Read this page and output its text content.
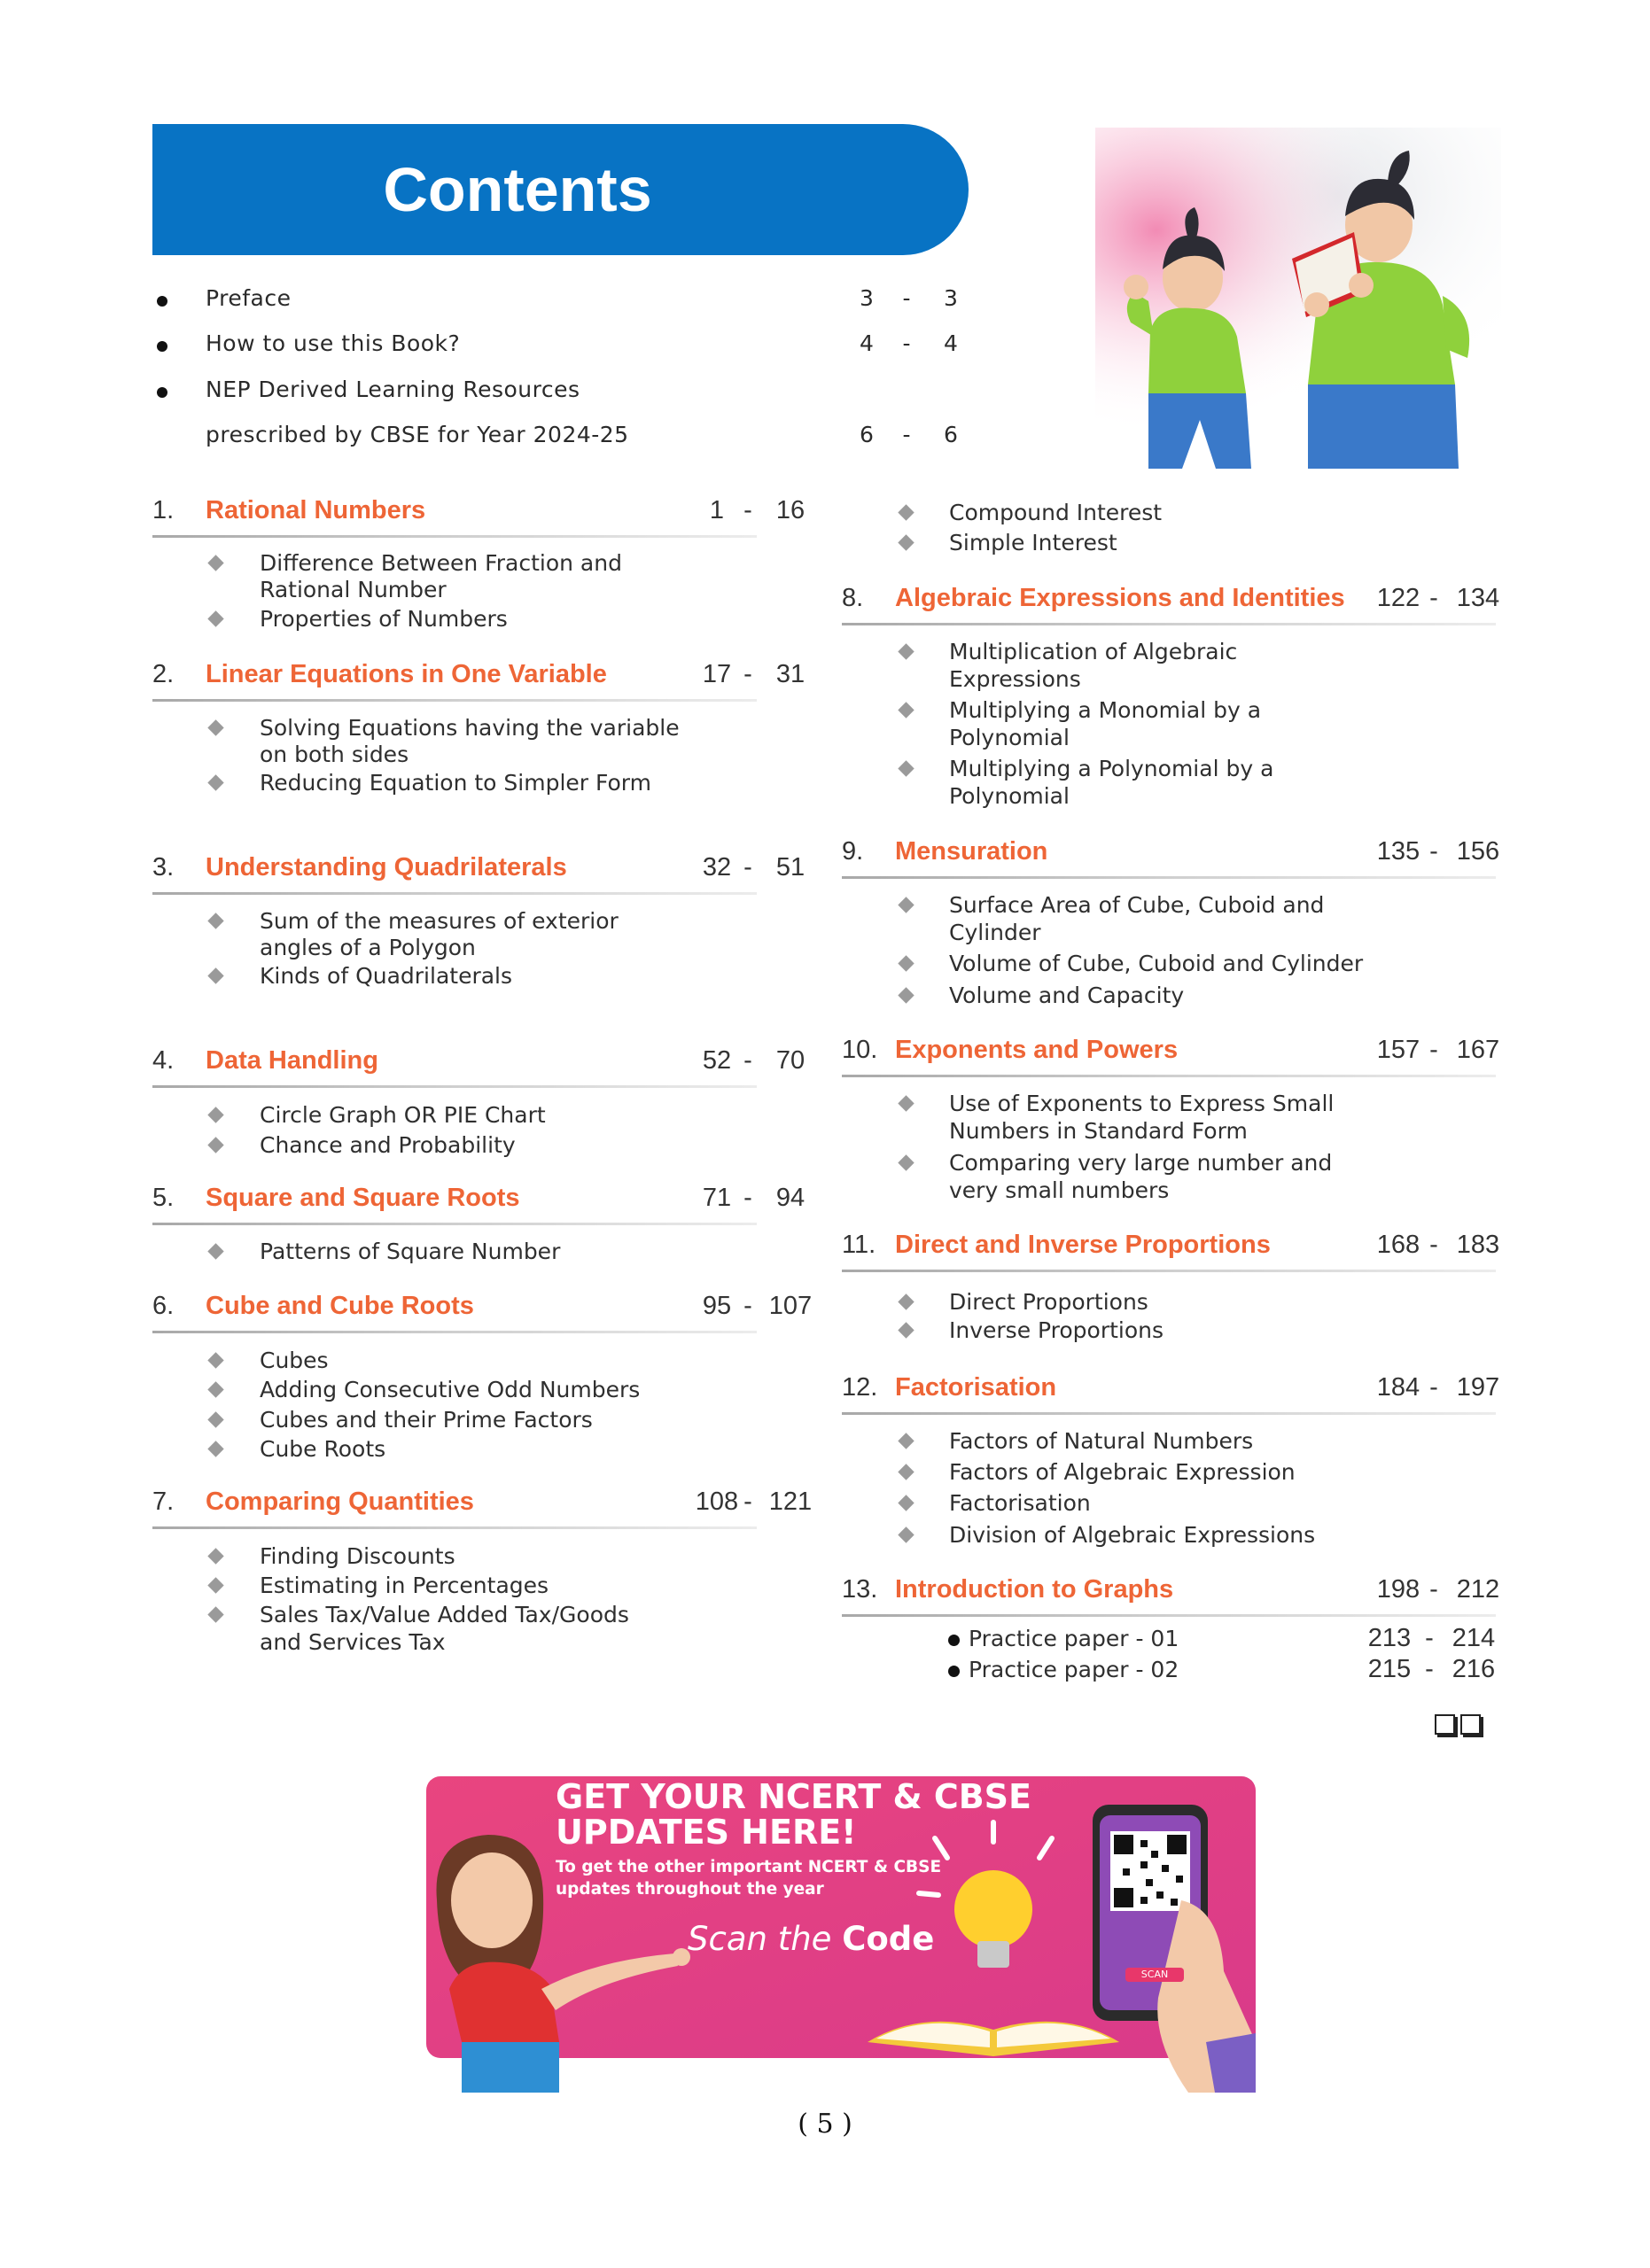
Contents
Preface	3 - 3
How to use this Book?	4 - 4
NEP Derived Learning Resources
prescribed by CBSE for Year 2024-25	6 - 6
1. Rational Numbers	1 - 16
Difference Between Fraction and
Rational Number
Properties of Numbers
2. Linear Equations in One Variable	17 - 31
Solving Equations having the variable
on both sides
Reducing Equation to Simpler Form
3. Understanding Quadrilaterals	32 - 51
Sum of the measures of exterior
angles of a Polygon
Kinds of Quadrilaterals
4. Data Handling	52 - 70
Circle Graph OR PIE Chart
Chance and Probability
5. Square and Square Roots	71 - 94
Patterns of Square Number
6. Cube and Cube Roots	95 - 107
Cubes
Adding Consecutive Odd Numbers
Cubes and their Prime Factors
Cube Roots
7. Comparing Quantities	108 - 121
Finding Discounts
Estimating in Percentages
Sales Tax/Value Added Tax/Goods
and Services Tax
Compound Interest
Simple Interest
8. Algebraic Expressions and Identities	122 - 134
Multiplication of Algebraic
Expressions
Multiplying a Monomial by a
Polynomial
Multiplying a Polynomial by a
Polynomial
9. Mensuration	135 - 156
Surface Area of Cube, Cuboid and
Cylinder
Volume of Cube, Cuboid and Cylinder
Volume and Capacity
10. Exponents and Powers	157 - 167
Use of Exponents to Express Small
Numbers in Standard Form
Comparing very large number and
very small numbers
11. Direct and Inverse Proportions	168 - 183
Direct Proportions
Inverse Proportions
12. Factorisation	184 - 197
Factors of Natural Numbers
Factors of Algebraic Expression
Factorisation
Division of Algebraic Expressions
13. Introduction to Graphs	198 - 212
Practice paper - 01	213 - 214
Practice paper - 02	215 - 216
GET YOUR NCERT & CBSE
UPDATES HERE!
To get the other important NCERT & CBSE
updates throughout the year
Scan the Code
SCAN
( 5 )
